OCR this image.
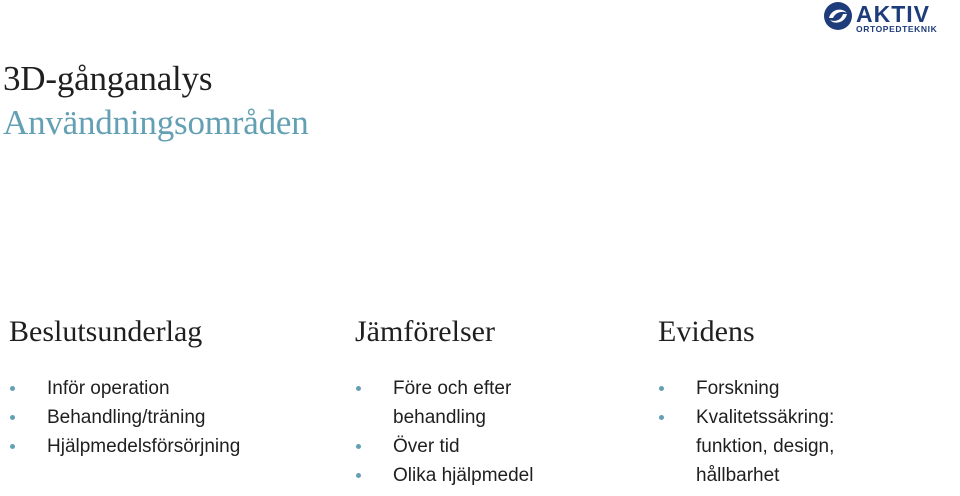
AKTIV
ORTOPEDTEKNIK
3D-gånganalys
Användningsområden
Beslutsunderlag
Inför operation
Behandling/träning
Hjälpmedelsförsörjning
Jämförelser
Före och efter
behandling
Över tid
Olika hjälpmedel
Evidens
Forskning
Kvalitetssäkring:
funktion, design,
hållbarhet
